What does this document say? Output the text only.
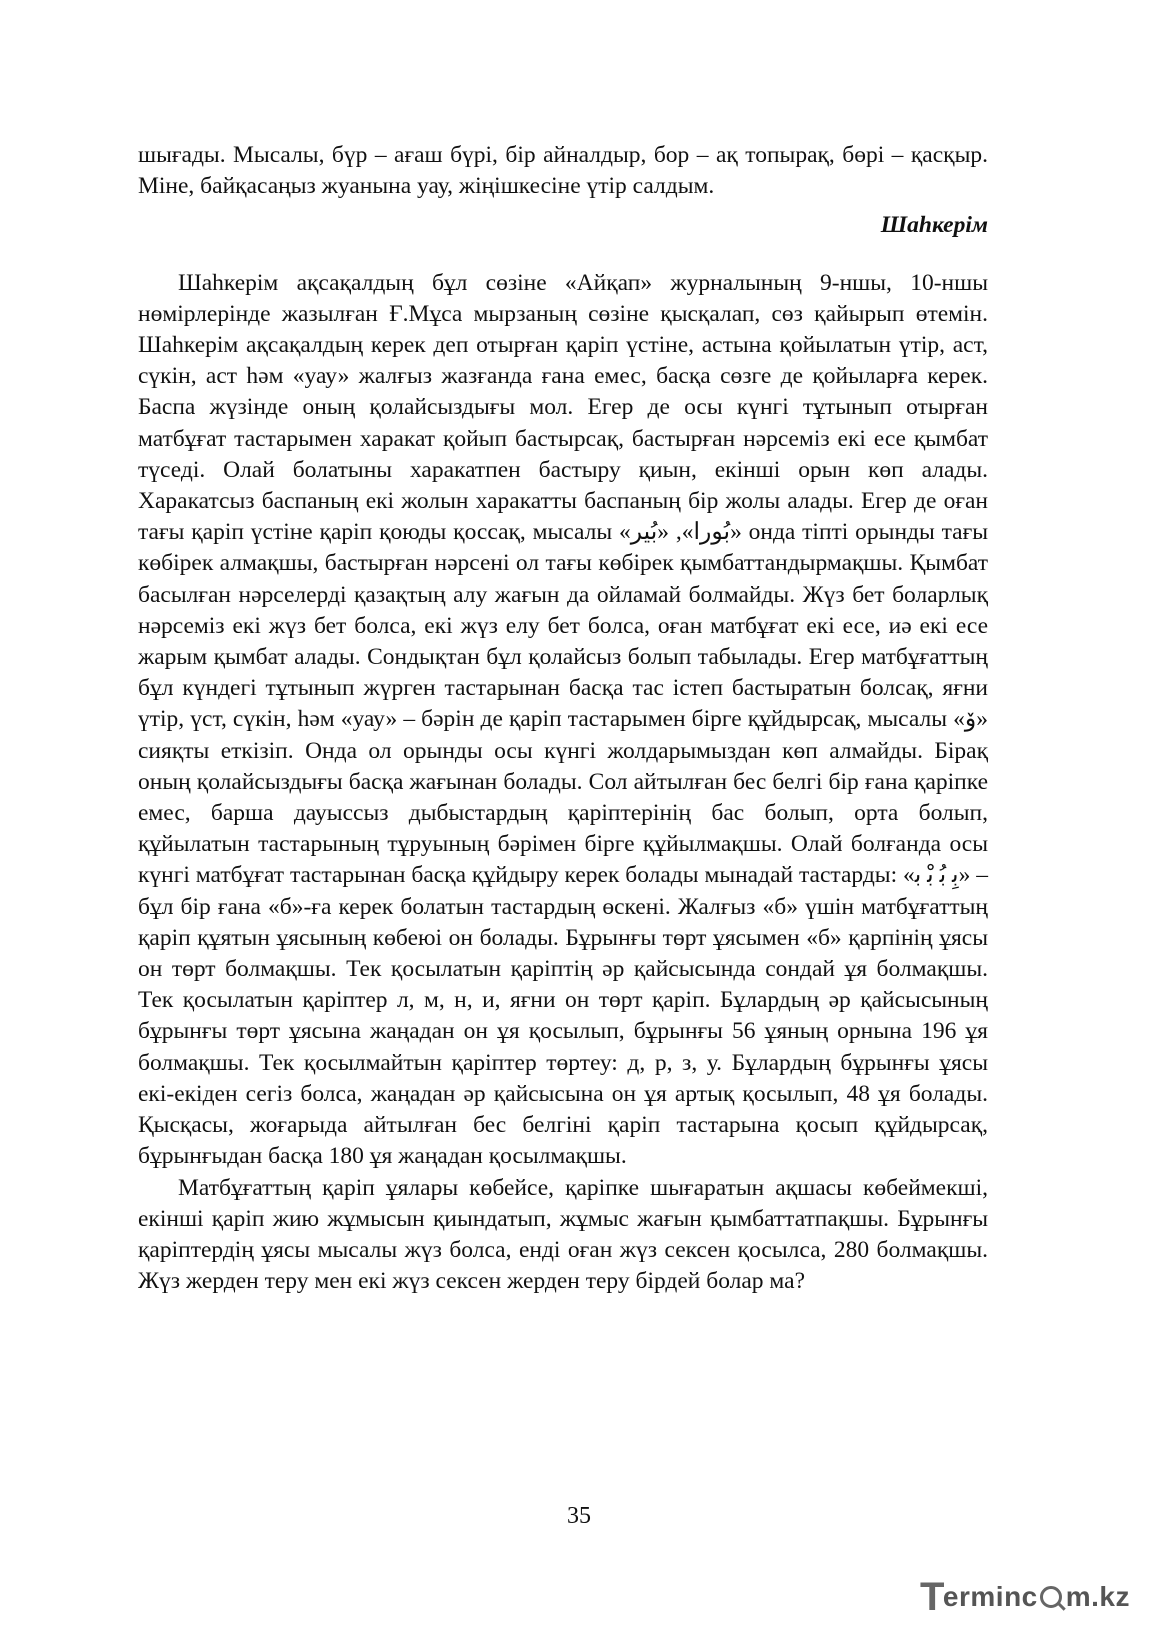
шығады. Мысалы, бүр – ағаш бүрі, бір айналдыр, бор – ақ топырақ, бөрі – қасқыр. Міне, байқасаңыз жуанына уау, жіңішкесіне үтір салдым.

Шаһкерім

Шаһкерім ақсақалдың бұл сөзіне «Айқап» журналының 9-ншы, 10-ншы нөмірлерінде жазылған Ғ.Мұса мырзаның сөзіне қысқалап, сөз қайырып өтемін. Шаһкерім ақсақалдың керек деп отырған қаріп үстіне, астына қойылатын үтір, аст, сүкін, аст һәм «уау» жалғыз жазғанда ғана емес, басқа сөзге де қойыларға керек. Баспа жүзінде оның қолайсыздығы мол. Егер де осы күнгі тұтынып отырған матбұғат тастарымен харакат қойып бастырсақ, бастырған нәрсеміз екі есе қымбат түседі. Олай болатыны харакатпен бастыру қиын, екінші орын көп алады. Харакатсыз баспаның екі жолын харакатты баспаның бір жолы алады. Егер де оған тағы қаріп үстіне қаріп қоюды қоссақ, мысалы «ﺑُﻮرا», «ﺑُﻴﺮ» онда тіпті орынды тағы көбірек алмақшы, бастырған нәрсені ол тағы көбірек қымбаттандырмақшы. Қымбат басылған нәрселерді қазақтың алу жағын да ойламай болмайды. Жүз бет боларлық нәрсеміз екі жүз бет болса, екі жүз елу бет болса, оған матбұғат екі есе, иә екі есе жарым қымбат алады. Сондықтан бұл қолайсыз болып табылады. Егер матбұғаттың бұл күндегі тұтынып жүрген тастарынан басқа тас істеп бастыратын болсақ, яғни үтір, үст, сүкін, һәм «уау» – бәрін де қаріп тастарымен бірге құйдырсақ, мысалы «ﯙ» сияқты еткізіп. Онда ол орынды осы күнгі жолдарымыздан көп алмайды. Бірақ оның қолайсыздығы басқа жағынан болады. Сол айтылған бес белгі бір ғана қаріпке емес, барша дауыссыз дыбыстардың қаріптерінің бас болып, орта болып, құйылатын тастарының тұруының бәрімен бірге құйылмақшы. Олай болғанда осы күнгі матбұғат тастарынан басқа құйдыру керек болады мынадай тастарды: «ﺑِ ﺑُ ﺑْ ﺑ» – бұл бір ғана «б»-ға керек болатын тастардың өскені. Жалғыз «б» үшін матбұғаттың қаріп құятын ұясының көбеюі он болады. Бұрынғы төрт ұясымен «б» қарпінің ұясы он төрт болмақшы. Тек қосылатын қаріптің әр қайсысында сондай ұя болмақшы. Тек қосылатын қаріптер л, м, н, и, яғни он төрт қаріп. Бұлардың әр қайсысының бұрынғы төрт ұясына жаңадан он ұя қосылып, бұрынғы 56 ұяның орнына 196 ұя болмақшы. Тек қосылмайтын қаріптер төртеу: д, р, з, у. Бұлардың бұрынғы ұясы екі-екіден сегіз болса, жаңадан әр қайсысына он ұя артық қосылып, 48 ұя болады. Қысқасы, жоғарыда айтылған бес белгіні қаріп тастарына қосып құйдырсақ, бұрынғыдан басқа 180 ұя жаңадан қосылмақшы.

Матбұғаттың қаріп ұялары көбейсе, қаріпке шығаратын ақшасы көбеймекші, екінші қаріп жию жұмысын қиындатып, жұмыс жағын қымбаттатпақшы. Бұрынғы қаріптердің ұясы мысалы жүз болса, енді оған жүз сексен қосылса, 280 болмақшы. Жүз жерден теру мен екі жүз сексен жерден теру бірдей болар ма?

35
T
erminc m.kz
